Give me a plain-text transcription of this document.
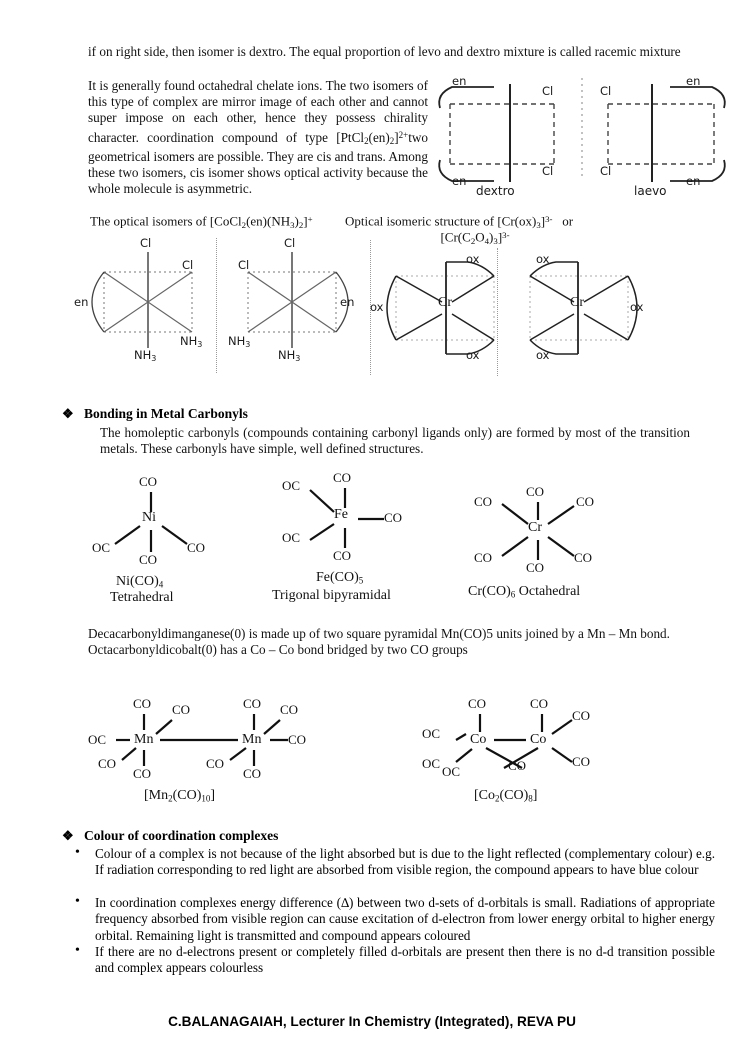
if on right side, then isomer is dextro. The equal proportion of levo and dextro mixture is called racemic mixture
It is generally found octahedral chelate ions. The two isomers of this type of complex are mirror image of each other and cannot super impose on each other, hence they possess chirality character. coordination compound of type $[PtCl_2(en)_2]^{2+}two$ geometrical isomers are possible. They are cis and trans. Among these two isomers, cis isomer shows optical activity because the whole molecule is asymmetric.
en
Cl
en
Cl
dextro
Cl
en
Cl
en
laevo
The optical isomers of $[CoCl_2(en)(NH_3)_2]^+$	Optical isomeric structure of $[Cr(ox)_3]^{3-}$   or
$[Cr(C_2O_4)_3]^{3-}$
Cl
Cl
en
$NH_3$
$NH_3$
Cl
Cl
en
$NH_3$
$NH_3$
Cr
ox
ox
ox
Cr	ox
ox
ox
❖ Bonding in Metal Carbonyls
The homoleptic carbonyls (compounds containing carbonyl ligands only) are formed by most of the transition metals. These carbonyls have simple, well defined structures.
CO
Ni
OC	CO
CO
$Ni(CO)_4$
Tetrahedral
CO
OC
OC
Fe	CO
CO
$Fe(CO)_5$
Trigonal bipyramidal
CO
CO	CO
Cr
CO	CO
CO
$Cr(CO)_6$ Octahedral
Decacarbonyldimanganese(0) is made up of two square pyramidal Mn(CO)5 units joined by a Mn – Mn bond.
Octacarbonyldicobalt(0) has a Co – Co bond bridged by two CO groups
CO CO
OC Mn
CO
CO
CO CO
Mn CO
CO
CO
$[Mn_2(CO)_{10}]$
CO
OC Co
OC
OC
CO
CO
Co
CO
CO
$[Co_2(CO)_8]$
❖ Colour of coordination complexes
• Colour of a complex is not because of the light absorbed but is due to the light reflected (complementary colour) e.g. If radiation corresponding to red light are absorbed from visible region, the compound appears to have blue colour
• In coordination complexes energy difference (∆) between two d-sets of d-orbitals is small. Radiations of appropriate frequency absorbed from visible region can cause excitation of d-electron from lower energy orbital to higher energy orbital. Remaining light is transmitted and compound appears coloured
• If there are no d-electrons present or completely filled d-orbitals are present then there is no d-d transition possible and complex appears colourless
C.BALANAGAIAH, Lecturer In Chemistry (Integrated), REVA PU
